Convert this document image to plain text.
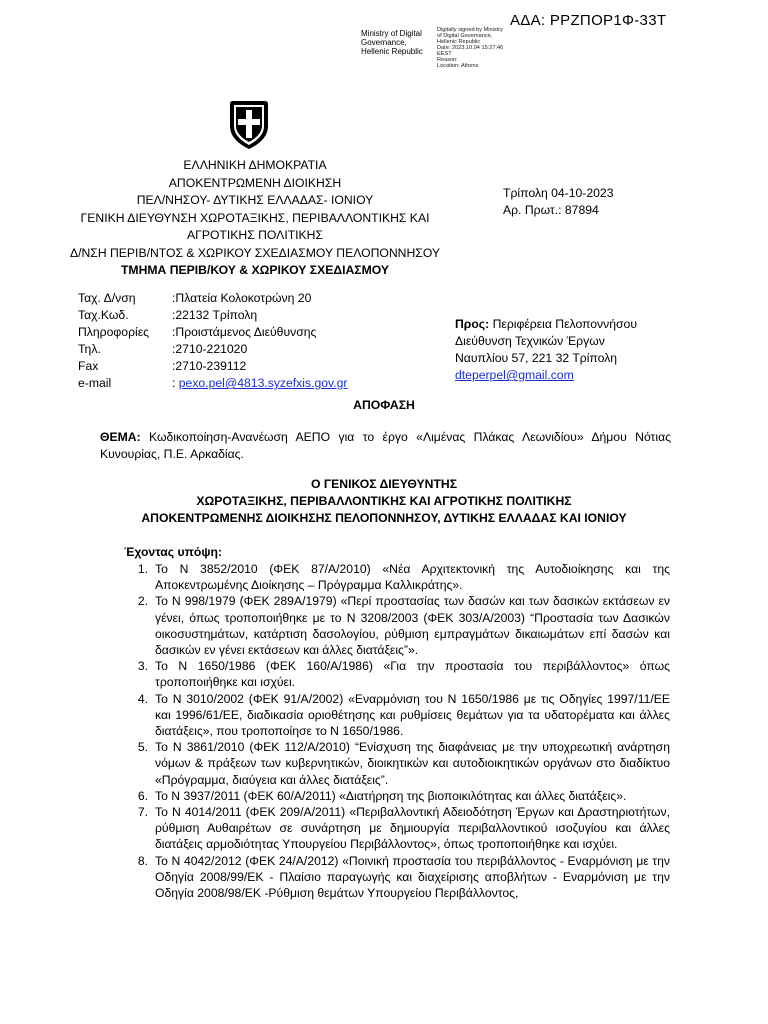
ΑΔΑ: ΡΡΖΠΟΡ1Φ-33Τ
Ministry of Digital
Governance,
Hellenic Republic
Digitally signed by Ministry
of Digital Governance,
Hellenic Republic
Date: 2023.10.04 15:27:46
EEST
Reason:
Location: Athens
ΕΛΛΗΝΙΚΗ ΔΗΜΟΚΡΑΤΙΑ
ΑΠΟΚΕΝΤΡΩΜΕΝΗ ΔΙΟΙΚΗΣΗ
ΠΕΛ/ΝΗΣΟΥ- ΔΥΤΙΚΗΣ ΕΛΛΑΔΑΣ- ΙΟΝΙΟΥ
ΓΕΝΙΚΗ ΔΙΕΥΘΥΝΣΗ ΧΩΡΟΤΑΞΙΚΗΣ, ΠΕΡΙΒΑΛΛΟΝΤΙΚΗΣ ΚΑΙ
ΑΓΡΟΤΙΚΗΣ ΠΟΛΙΤΙΚΗΣ
Δ/ΝΣΗ ΠΕΡΙΒ/ΝΤΟΣ & ΧΩΡΙΚΟΥ ΣΧΕΔΙΑΣΜΟΥ ΠΕΛΟΠΟΝΝΗΣΟΥ
ΤΜΗΜΑ ΠΕΡΙΒ/ΚΟΥ & ΧΩΡΙΚΟΥ ΣΧΕΔΙΑΣΜΟΥ
Τρίπολη 04-10-2023
Αρ. Πρωτ.: 87894
Ταχ. Δ/νση	:Πλατεία Κολοκοτρώνη 20
Ταχ.Κωδ.	:22132 Τρίπολη
Πληροφορίες	:Προιστάμενος Διεύθυνσης
Τηλ.	:2710-221020
Fax	:2710-239112
e-mail	: pexo.pel@4813.syzefxis.gov.gr
Προς: Περιφέρεια Πελοποννήσου
Διεύθυνση Τεχνικών Έργων
Ναυπλίου 57, 221 32 Τρίπολη
dteperpel@gmail.com
ΑΠΟΦΑΣΗ
ΘΕΜΑ: Κωδικοποίηση-Ανανέωση ΑΕΠΟ για το έργο «Λιμένας Πλάκας Λεωνιδίου» Δήμου Νότιας Κυνουρίας, Π.Ε. Αρκαδίας.
Ο ΓΕΝΙΚΟΣ ΔΙΕΥΘΥΝΤΗΣ
ΧΩΡΟΤΑΞΙΚΗΣ, ΠΕΡΙΒΑΛΛΟΝΤΙΚΗΣ ΚΑΙ ΑΓΡΟΤΙΚΗΣ ΠΟΛΙΤΙΚΗΣ
ΑΠΟΚΕΝΤΡΩΜΕΝΗΣ ΔΙΟΙΚΗΣΗΣ ΠΕΛΟΠΟΝΝΗΣΟΥ, ΔΥΤΙΚΗΣ ΕΛΛΑΔΑΣ ΚΑΙ ΙΟΝΙΟΥ
Έχοντας υπόψη:
1. Το Ν 3852/2010 (ΦΕΚ 87/Α/2010) «Νέα Αρχιτεκτονική της Αυτοδιοίκησης και της Αποκεντρωμένης Διοίκησης – Πρόγραμμα Καλλικράτης».
2. Το Ν 998/1979 (ΦΕΚ 289Α/1979) «Περί προστασίας των δασών και των δασικών εκτάσεων εν γένει, όπως τροποποιήθηκε με το Ν 3208/2003 (ΦΕΚ 303/Α/2003) “Προστασία των Δασικών οικοσυστημάτων, κατάρτιση δασολογίου, ρύθμιση εμπραγμάτων δικαιωμάτων επί δασών και δασικών εν γένει εκτάσεων και άλλες διατάξεις”».
3. Το Ν 1650/1986 (ΦΕΚ 160/Α/1986) «Για την προστασία του περιβάλλοντος» όπως τροποποιήθηκε και ισχύει.
4. Το Ν 3010/2002 (ΦΕΚ 91/Α/2002) «Εναρμόνιση του Ν 1650/1986 με τις Οδηγίες 1997/11/ΕΕ και 1996/61/ΕΕ, διαδικασία οριοθέτησης και ρυθμίσεις θεμάτων για τα υδατορέματα και άλλες διατάξεις», που τροποποίησε το Ν 1650/1986.
5. Το Ν 3861/2010 (ΦΕΚ 112/Α/2010) “Ενίσχυση της διαφάνειας με την υποχρεωτική ανάρτηση νόμων & πράξεων των κυβερνητικών, διοικητικών και αυτοδιοικητικών οργάνων στο διαδίκτυο «Πρόγραμμα, διαύγεια και άλλες διατάξεις”.
6. Το Ν 3937/2011 (ΦΕΚ 60/Α/2011) «Διατήρηση της βιοποικιλότητας και άλλες διατάξεις».
7. Το Ν 4014/2011 (ΦΕΚ 209/Α/2011) «Περιβαλλοντική Αδειοδότηση Έργων και Δραστηριοτήτων, ρύθμιση Αυθαιρέτων σε συνάρτηση με δημιουργία περιβαλλοντικού ισοζυγίου και άλλες διατάξεις αρμοδιότητας Υπουργείου Περιβάλλοντος», όπως τροποποιήθηκε και ισχύει.
8. Το Ν 4042/2012 (ΦΕΚ 24/Α/2012) «Ποινική προστασία του περιβάλλοντος - Εναρμόνιση με την Οδηγία 2008/99/ΕΚ - Πλαίσιο παραγωγής και διαχείρισης αποβλήτων - Εναρμόνιση με την Οδηγία 2008/98/ΕΚ -Ρύθμιση θεμάτων Υπουργείου Περιβάλλοντος,
